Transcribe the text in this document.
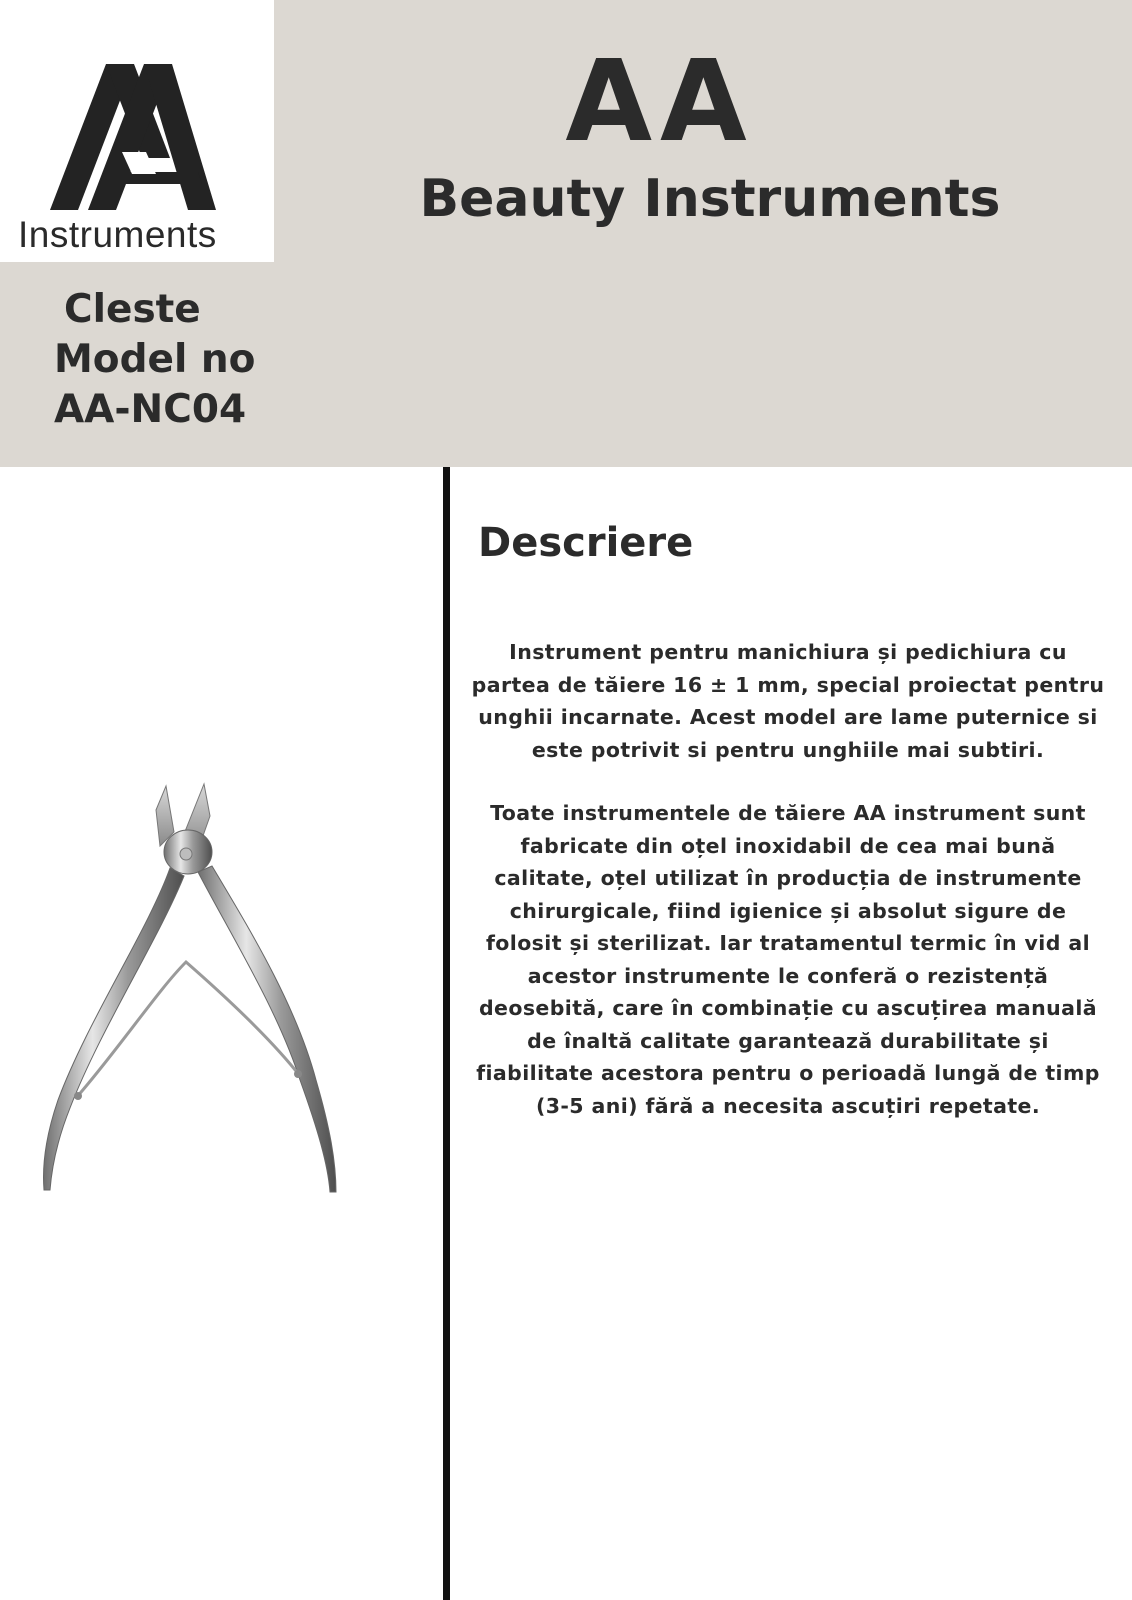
Instruments
AA
Beauty Instruments
Cleste
Model no
AA-NC04
Descriere

Instrument pentru manichiura și pedichiura cu partea de tăiere 16 ± 1 mm, special proiectat pentru unghii incarnate. Acest model are lame puternice si este potrivit si pentru unghiile mai subtiri.

Toate instrumentele de tăiere AA instrument sunt fabricate din oțel inoxidabil de cea mai bună calitate, oțel utilizat în producția de instrumente chirurgicale, fiind igienice și absolut sigure de folosit și sterilizat. Iar tratamentul termic în vid al acestor instrumente le conferă o rezistență deosebită, care în combinație cu ascuțirea manuală de înaltă calitate garantează durabilitate și fiabilitate acestora pentru o perioadă lungă de timp (3-5 ani) fără a necesita ascuțiri repetate.
